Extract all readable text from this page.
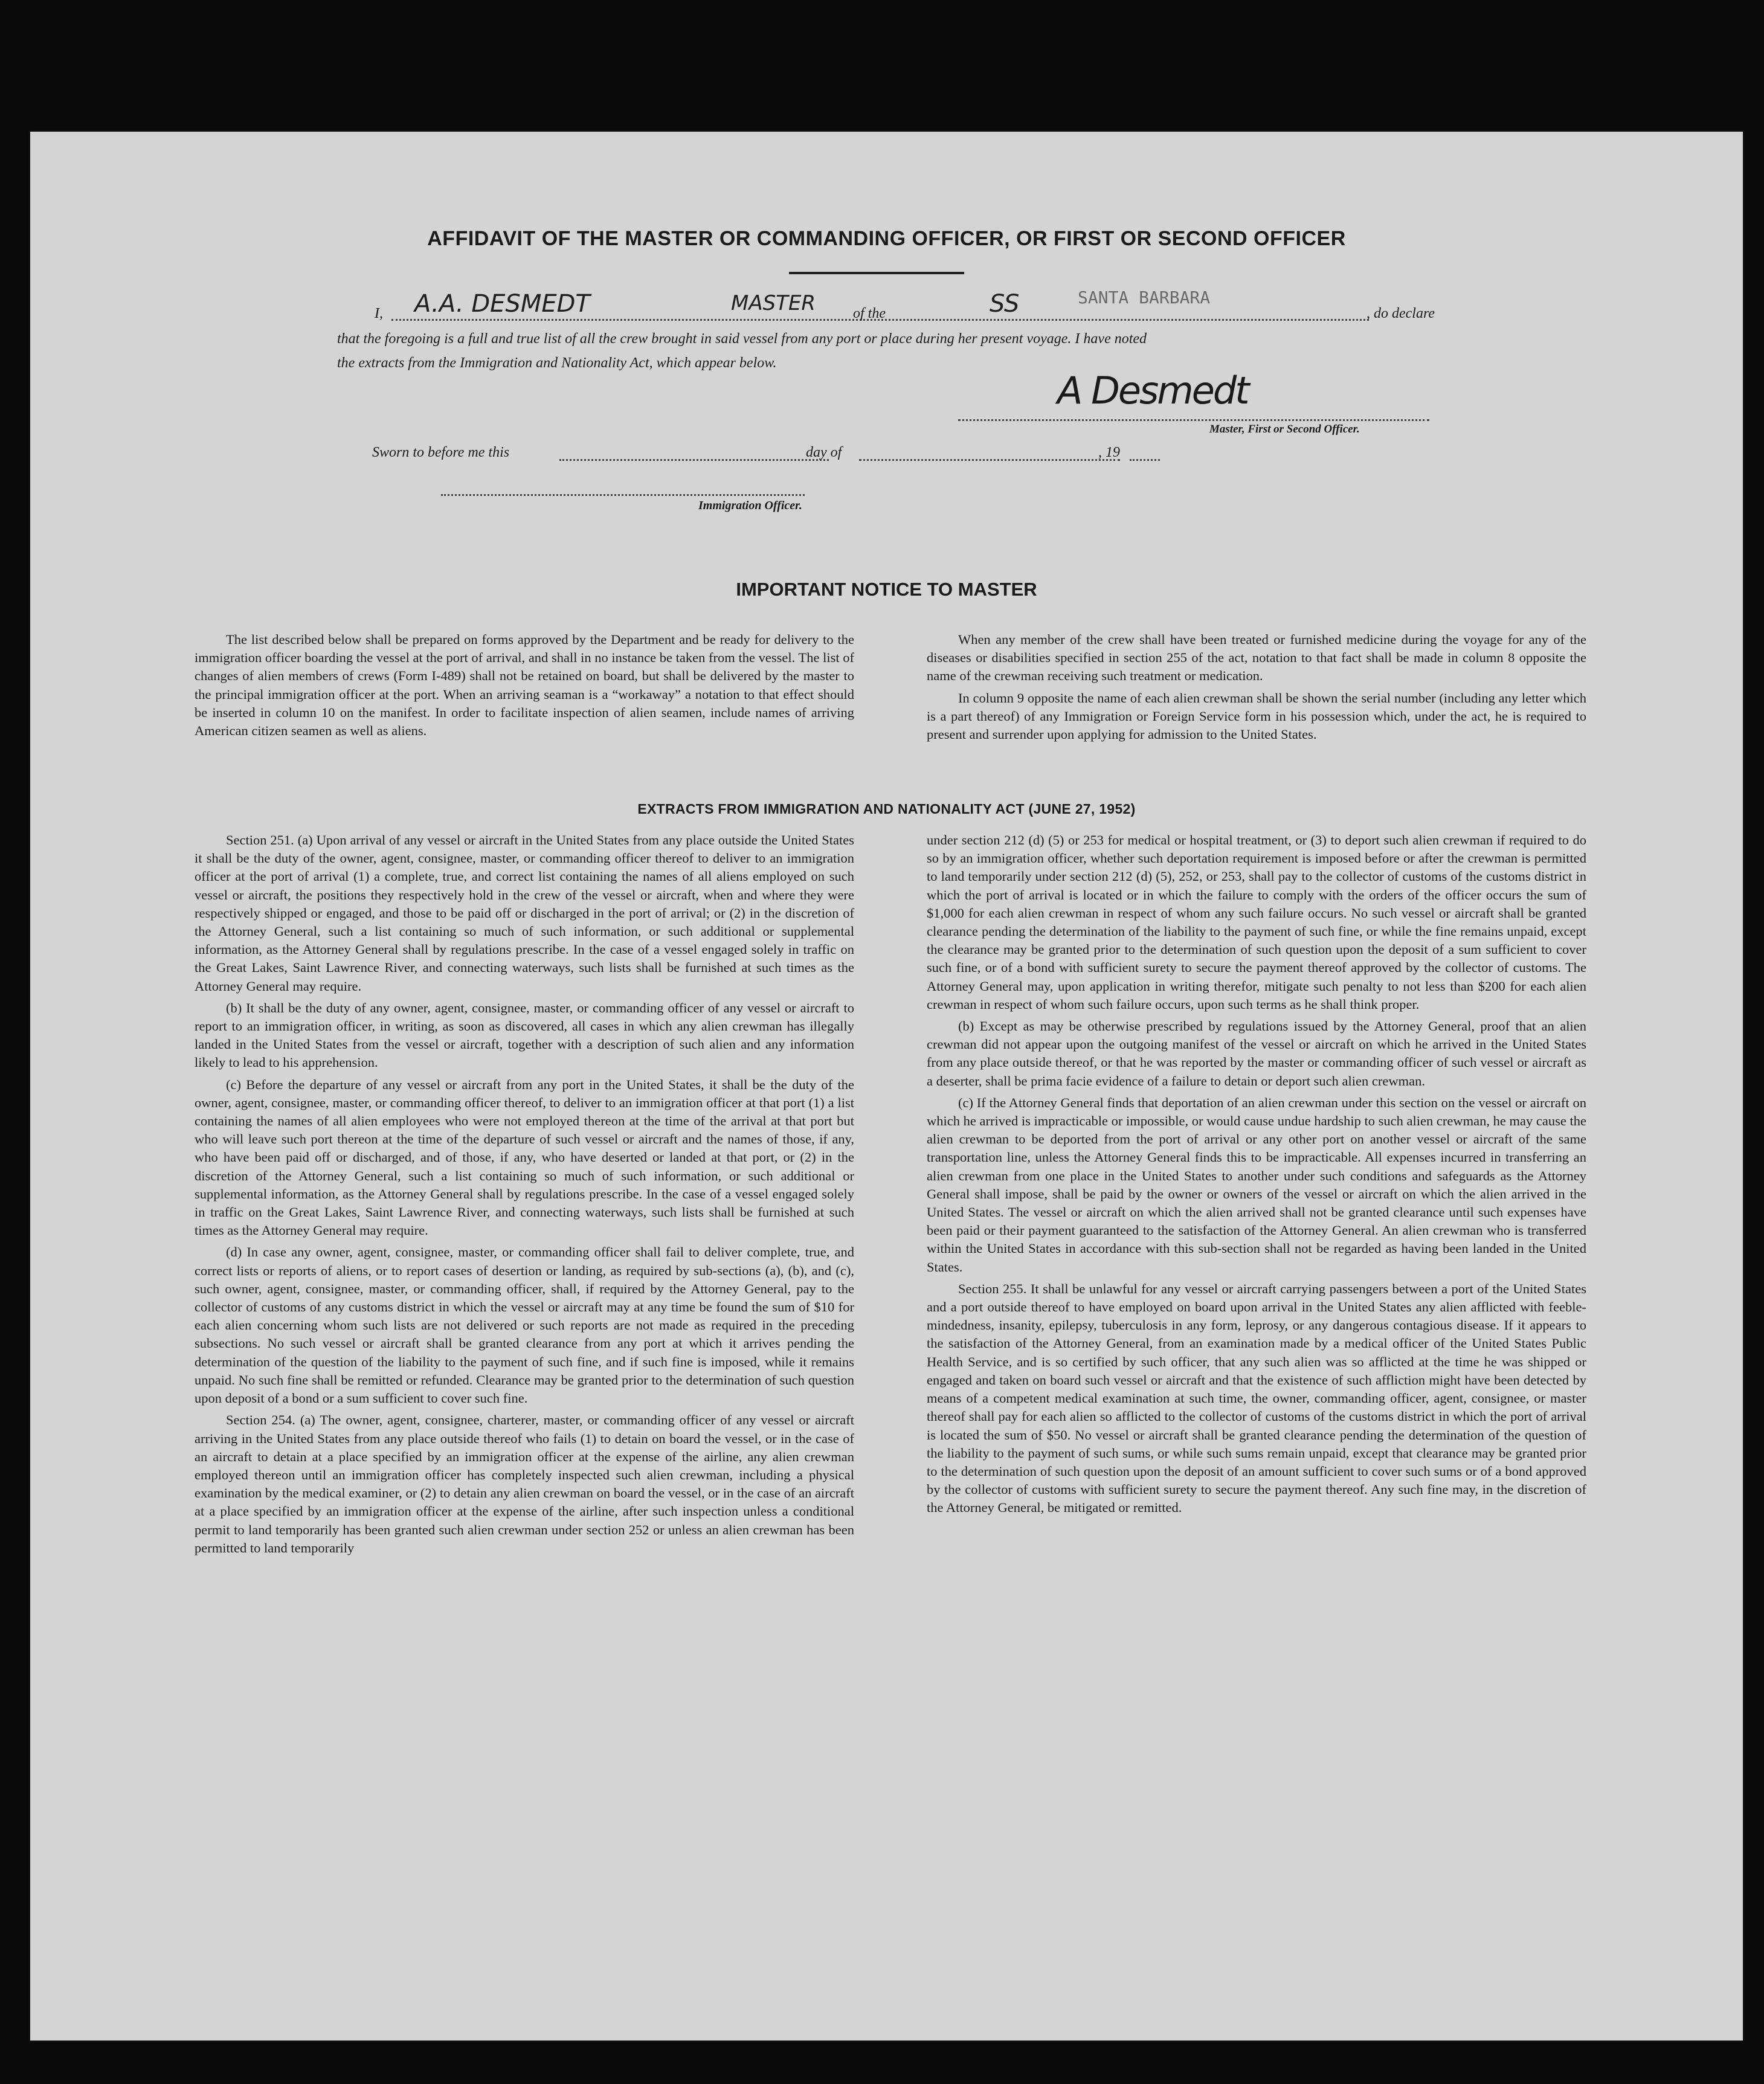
AFFIDAVIT OF THE MASTER OR COMMANDING OFFICER, OR FIRST OR SECOND OFFICER
I, A.A. DESMEDT	MASTER	of the	SS	SANTA BARBARA
, do declare
that the foregoing is a full and true list of all the crew brought in said vessel from any port or place during her present voyage. I have noted
the extracts from the Immigration and Nationality Act, which appear below.
A Desmedt
Master, First or Second Officer.
Sworn to before me this	day of	, 19
Immigration Officer.
IMPORTANT NOTICE TO MASTER

The list described below shall be prepared on forms approved by the Department and be ready for delivery to the immigration officer boarding the vessel at the port of arrival, and shall in no instance be taken from the vessel. The list of changes of alien members of crews (Form I-489) shall not be retained on board, but shall be delivered by the master to the principal immigration officer at the port. When an arriving seaman is a “workaway” a notation to that effect should be inserted in column 10 on the manifest. In order to facilitate inspection of alien seamen, include names of arriving American citizen seamen as well as aliens.

When any member of the crew shall have been treated or furnished medicine during the voyage for any of the diseases or disabilities specified in section 255 of the act, notation to that fact shall be made in column 8 opposite the name of the crewman receiving such treatment or medication.

In column 9 opposite the name of each alien crewman shall be shown the serial number (including any letter which is a part thereof) of any Immigration or Foreign Service form in his possession which, under the act, he is required to present and surrender upon applying for admission to the United States.

EXTRACTS FROM IMMIGRATION AND NATIONALITY ACT (JUNE 27, 1952)

Section 251. (a) Upon arrival of any vessel or aircraft in the United States from any place outside the United States it shall be the duty of the owner, agent, consignee, master, or commanding officer thereof to deliver to an immigration officer at the port of arrival (1) a complete, true, and correct list containing the names of all aliens employed on such vessel or aircraft, the positions they respectively hold in the crew of the vessel or aircraft, when and where they were respectively shipped or engaged, and those to be paid off or discharged in the port of arrival; or (2) in the discretion of the Attorney General, such a list containing so much of such information, or such additional or supplemental information, as the Attorney General shall by regulations prescribe. In the case of a vessel engaged solely in traffic on the Great Lakes, Saint Lawrence River, and connecting waterways, such lists shall be furnished at such times as the Attorney General may require.

(b) It shall be the duty of any owner, agent, consignee, master, or commanding officer of any vessel or aircraft to report to an immigration officer, in writing, as soon as discovered, all cases in which any alien crewman has illegally landed in the United States from the vessel or aircraft, together with a description of such alien and any information likely to lead to his apprehension.

(c) Before the departure of any vessel or aircraft from any port in the United States, it shall be the duty of the owner, agent, consignee, master, or commanding officer thereof, to deliver to an immigration officer at that port (1) a list containing the names of all alien employees who were not employed thereon at the time of the arrival at that port but who will leave such port thereon at the time of the departure of such vessel or aircraft and the names of those, if any, who have been paid off or discharged, and of those, if any, who have deserted or landed at that port, or (2) in the discretion of the Attorney General, such a list containing so much of such information, or such additional or supplemental information, as the Attorney General shall by regulations prescribe. In the case of a vessel engaged solely in traffic on the Great Lakes, Saint Lawrence River, and connecting waterways, such lists shall be furnished at such times as the Attorney General may require.

(d) In case any owner, agent, consignee, master, or commanding officer shall fail to deliver complete, true, and correct lists or reports of aliens, or to report cases of desertion or landing, as required by sub-sections (a), (b), and (c), such owner, agent, consignee, master, or commanding officer, shall, if required by the Attorney General, pay to the collector of customs of any customs district in which the vessel or aircraft may at any time be found the sum of $10 for each alien concerning whom such lists are not delivered or such reports are not made as required in the preceding subsections. No such vessel or aircraft shall be granted clearance from any port at which it arrives pending the determination of the question of the liability to the payment of such fine, and if such fine is imposed, while it remains unpaid. No such fine shall be remitted or refunded. Clearance may be granted prior to the determination of such question upon deposit of a bond or a sum sufficient to cover such fine.

Section 254. (a) The owner, agent, consignee, charterer, master, or commanding officer of any vessel or aircraft arriving in the United States from any place outside thereof who fails (1) to detain on board the vessel, or in the case of an aircraft to detain at a place specified by an immigration officer at the expense of the airline, any alien crewman employed thereon until an immigration officer has completely inspected such alien crewman, including a physical examination by the medical examiner, or (2) to detain any alien crewman on board the vessel, or in the case of an aircraft at a place specified by an immigration officer at the expense of the airline, after such inspection unless a conditional permit to land temporarily has been granted such alien crewman under section 252 or unless an alien crewman has been permitted to land temporarily

under section 212 (d) (5) or 253 for medical or hospital treatment, or (3) to deport such alien crewman if required to do so by an immigration officer, whether such deportation requirement is imposed before or after the crewman is permitted to land temporarily under section 212 (d) (5), 252, or 253, shall pay to the collector of customs of the customs district in which the port of arrival is located or in which the failure to comply with the orders of the officer occurs the sum of $1,000 for each alien crewman in respect of whom any such failure occurs. No such vessel or aircraft shall be granted clearance pending the determination of the liability to the payment of such fine, or while the fine remains unpaid, except the clearance may be granted prior to the determination of such question upon the deposit of a sum sufficient to cover such fine, or of a bond with sufficient surety to secure the payment thereof approved by the collector of customs. The Attorney General may, upon application in writing therefor, mitigate such penalty to not less than $200 for each alien crewman in respect of whom such failure occurs, upon such terms as he shall think proper.

(b) Except as may be otherwise prescribed by regulations issued by the Attorney General, proof that an alien crewman did not appear upon the outgoing manifest of the vessel or aircraft on which he arrived in the United States from any place outside thereof, or that he was reported by the master or commanding officer of such vessel or aircraft as a deserter, shall be prima facie evidence of a failure to detain or deport such alien crewman.

(c) If the Attorney General finds that deportation of an alien crewman under this section on the vessel or aircraft on which he arrived is impracticable or impossible, or would cause undue hardship to such alien crewman, he may cause the alien crewman to be deported from the port of arrival or any other port on another vessel or aircraft of the same transportation line, unless the Attorney General finds this to be impracticable. All expenses incurred in transferring an alien crewman from one place in the United States to another under such conditions and safeguards as the Attorney General shall impose, shall be paid by the owner or owners of the vessel or aircraft on which the alien arrived in the United States. The vessel or aircraft on which the alien arrived shall not be granted clearance until such expenses have been paid or their payment guaranteed to the satisfaction of the Attorney General. An alien crewman who is transferred within the United States in accordance with this sub-section shall not be regarded as having been landed in the United States.

Section 255. It shall be unlawful for any vessel or aircraft carrying passengers between a port of the United States and a port outside thereof to have employed on board upon arrival in the United States any alien afflicted with feeble-mindedness, insanity, epilepsy, tuberculosis in any form, leprosy, or any dangerous contagious disease. If it appears to the satisfaction of the Attorney General, from an examination made by a medical officer of the United States Public Health Service, and is so certified by such officer, that any such alien was so afflicted at the time he was shipped or engaged and taken on board such vessel or aircraft and that the existence of such affliction might have been detected by means of a competent medical examination at such time, the owner, commanding officer, agent, consignee, or master thereof shall pay for each alien so afflicted to the collector of customs of the customs district in which the port of arrival is located the sum of $50. No vessel or aircraft shall be granted clearance pending the determination of the question of the liability to the payment of such sums, or while such sums remain unpaid, except that clearance may be granted prior to the determination of such question upon the deposit of an amount sufficient to cover such sums or of a bond approved by the collector of customs with sufficient surety to secure the payment thereof. Any such fine may, in the discretion of the Attorney General, be mitigated or remitted.
